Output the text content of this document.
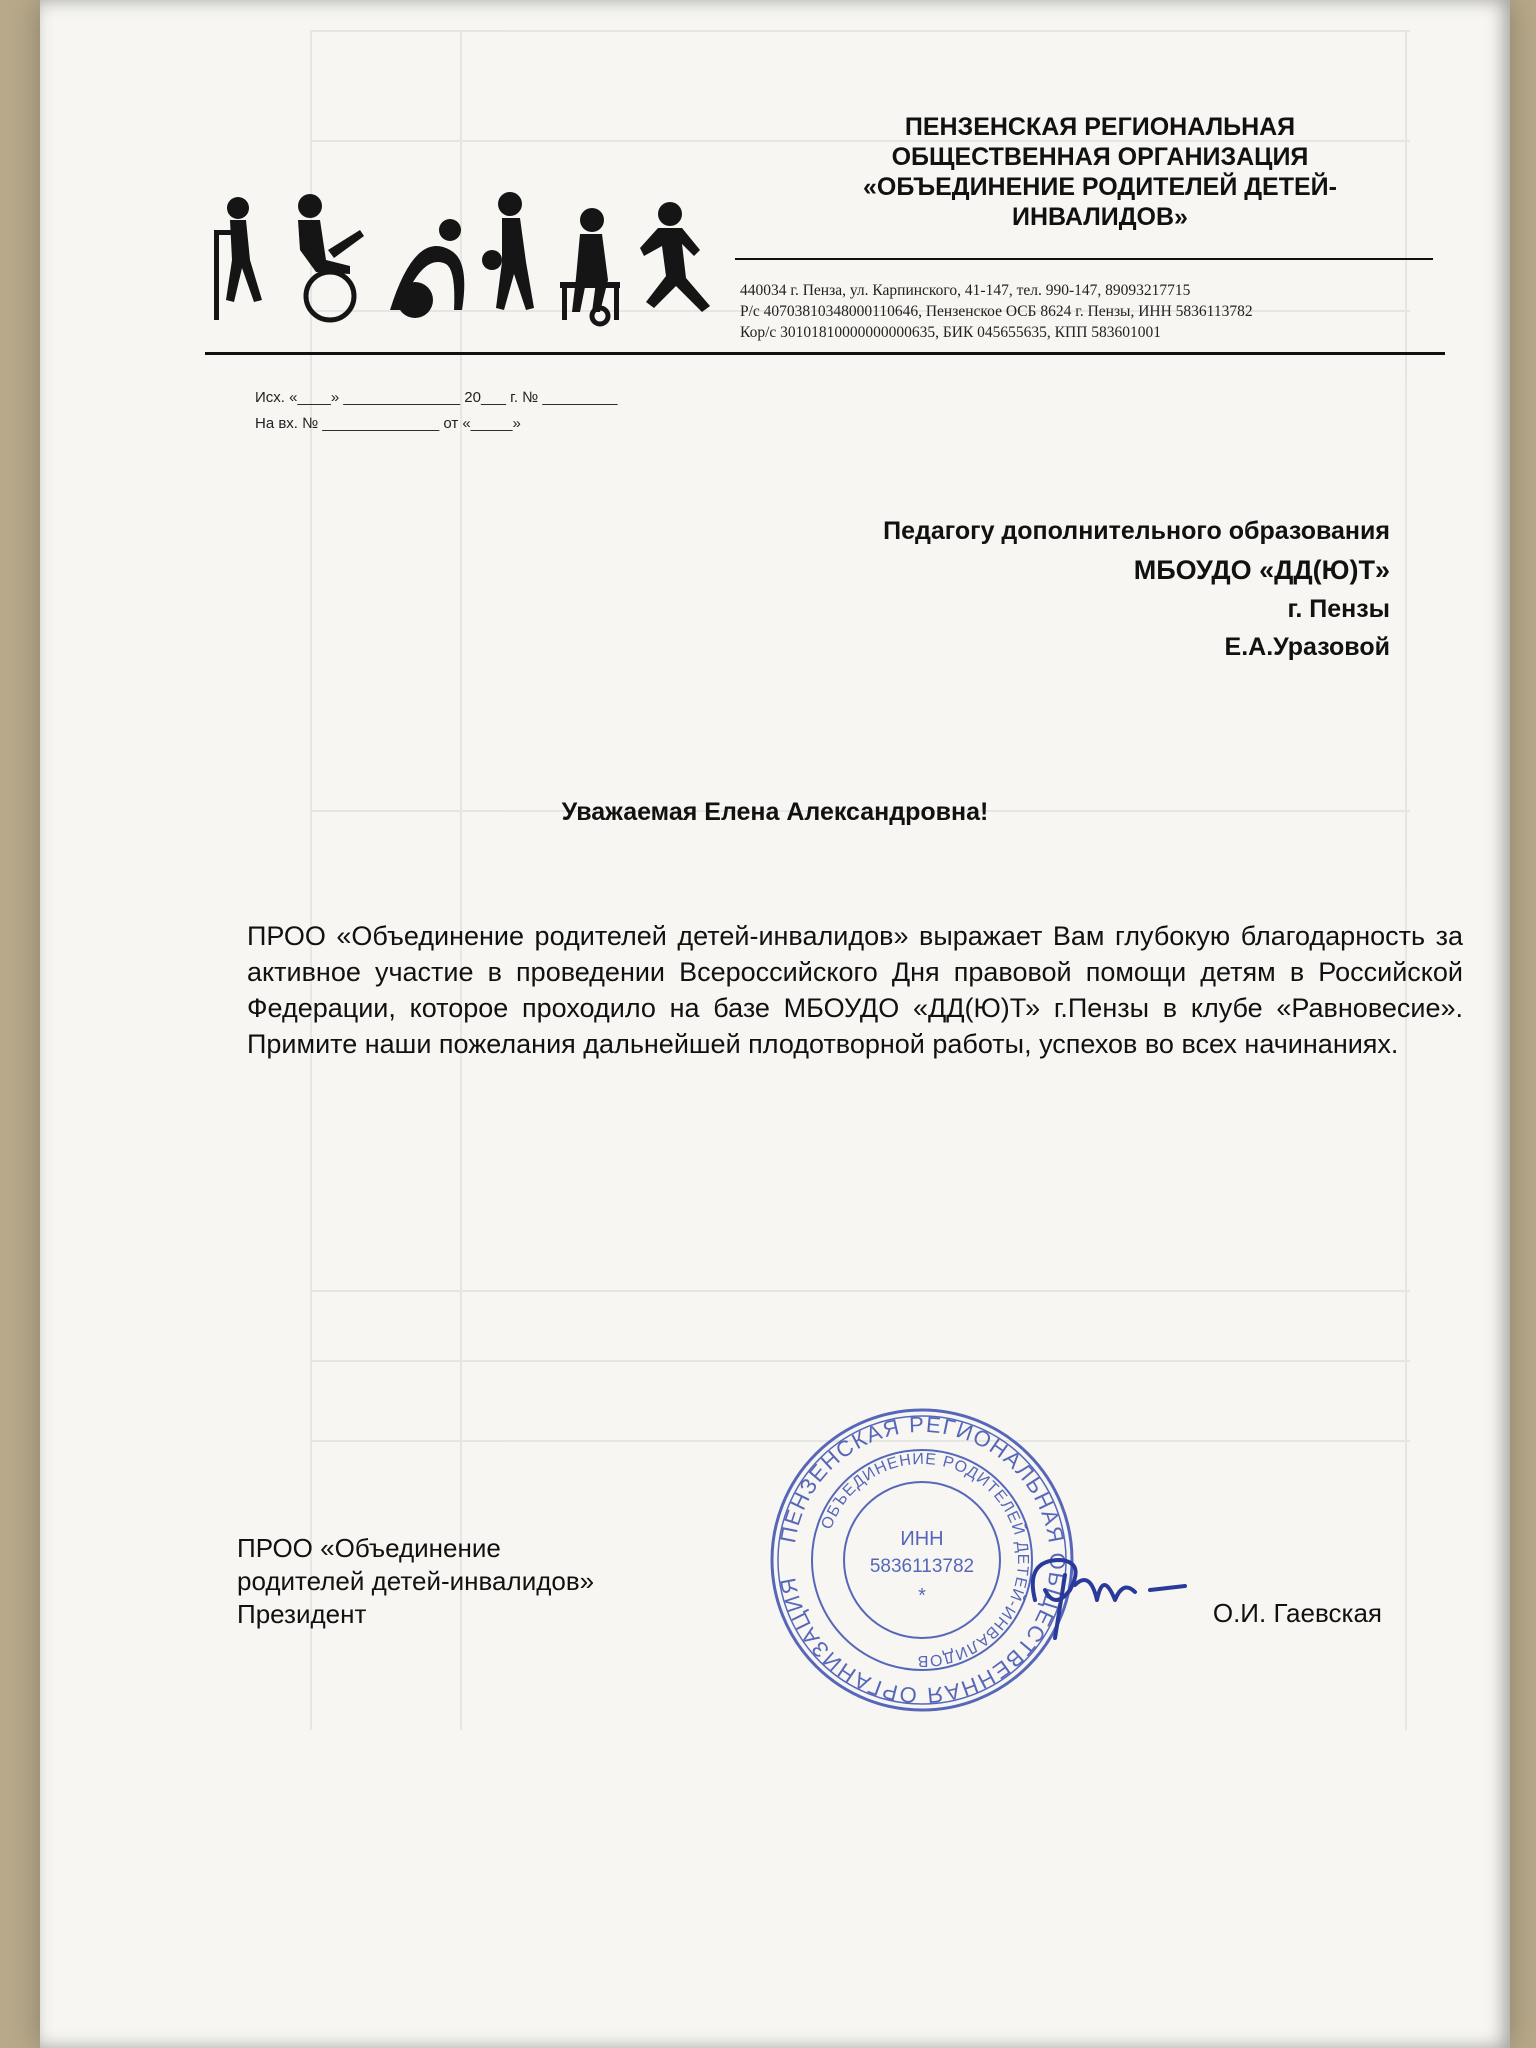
ПЕНЗЕНСКАЯ РЕГИОНАЛЬНАЯ
ОБЩЕСТВЕННАЯ ОРГАНИЗАЦИЯ
«ОБЪЕДИНЕНИЕ РОДИТЕЛЕЙ ДЕТЕЙ-
ИНВАЛИДОВ»
440034 г. Пенза, ул. Карпинского, 41-147, тел. 990-147, 89093217715
Р/с 40703810348000110646, Пензенское ОСБ 8624 г. Пензы, ИНН 5836113782
Кор/с 30101810000000000635, БИК 045655635, КПП 583601001
Исх. «____» ______________ 20___ г. № _________
На вх. № ______________ от «_____»
Педагогу дополнительного образования
МБОУДО «ДД(Ю)Т»
г. Пензы
Е.А.Уразовой
Уважаемая Елена Александровна!
ПРОО «Объединение родителей детей-инвалидов» выражает Вам глубокую благодарность за активное участие в проведении Всероссийского Дня правовой помощи детям в Российской Федерации, которое проходило на базе МБОУДО «ДД(Ю)Т» г.Пензы в клубе «Равновесие». Примите наши пожелания дальнейшей плодотворной работы, успехов во всех начинаниях.
ПРОО «Объединение
родителей детей-инвалидов»
Президент	О.И. Гаевская
ПЕНЗЕНСКАЯ РЕГИОНАЛЬНАЯ ОБЩЕСТВЕННАЯ ОРГАНИЗАЦИЯ
ОБЪЕДИНЕНИЕ РОДИТЕЛЕЙ ДЕТЕЙ-ИНВАЛИДОВ
ИНН
5836113782
*
